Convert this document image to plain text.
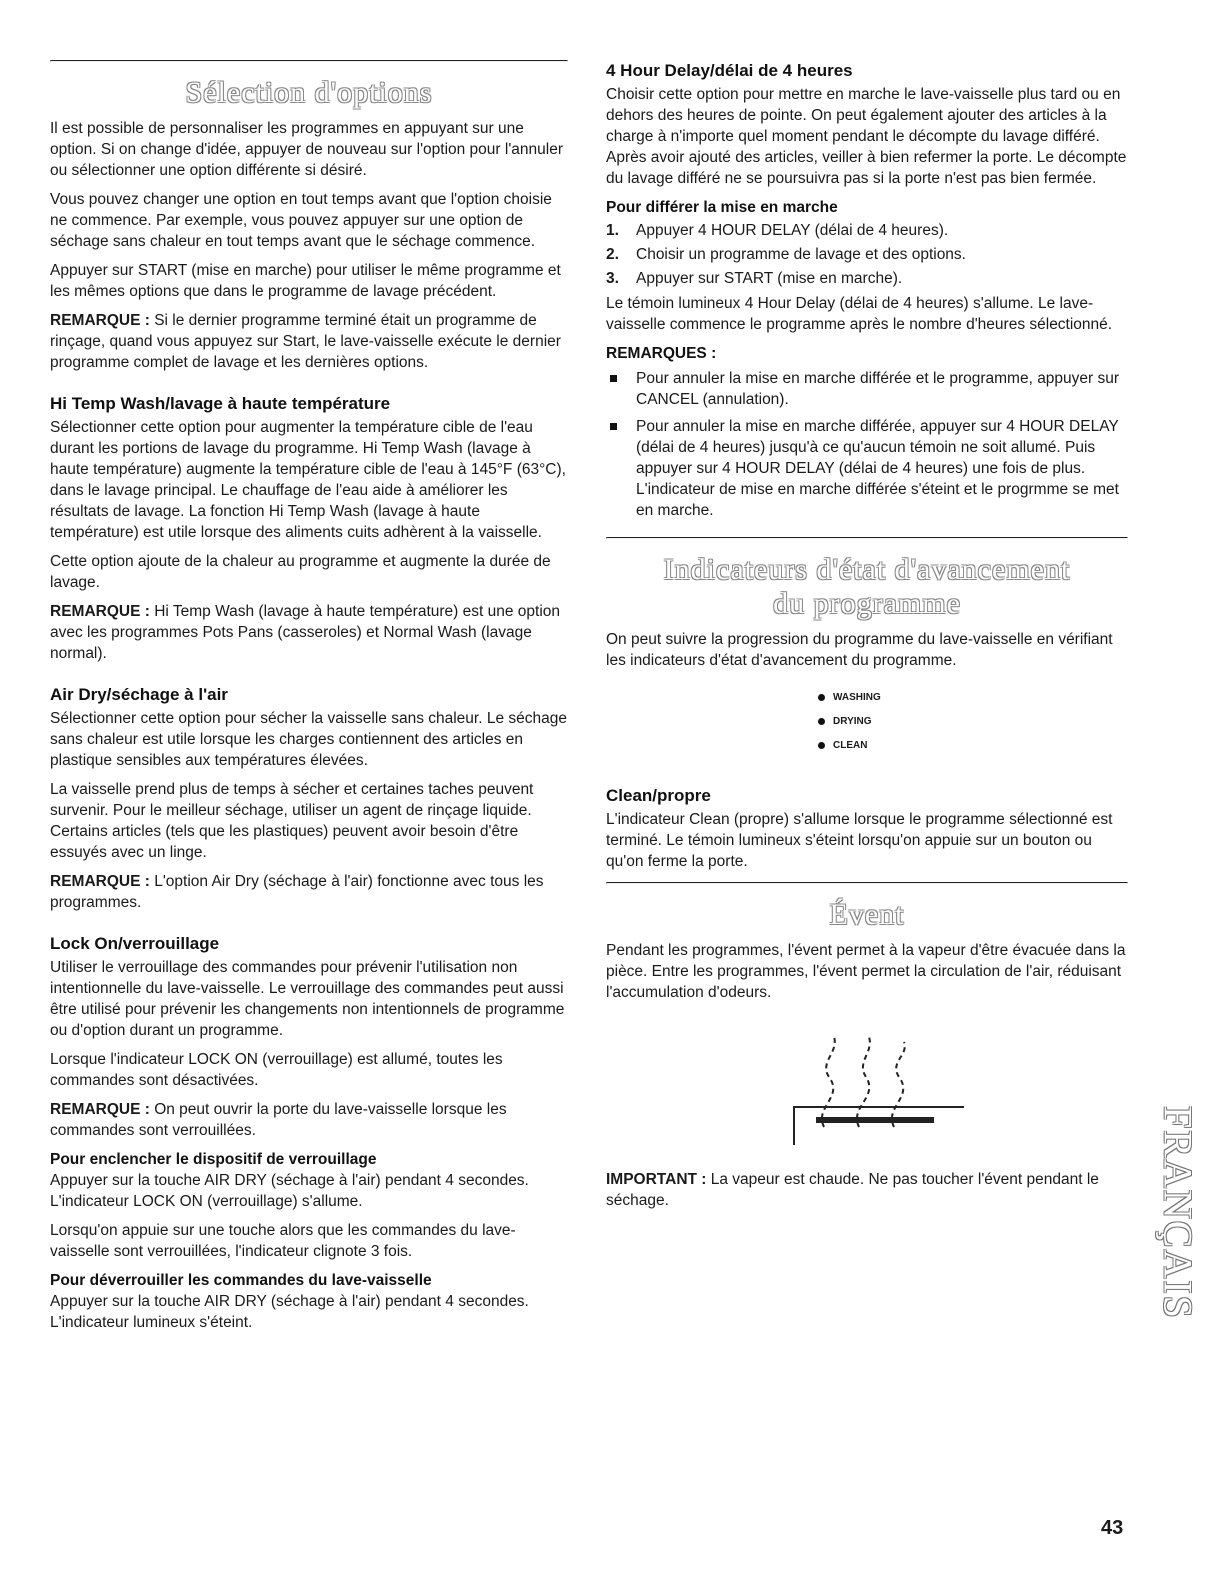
Sélection d'options

Il est possible de personnaliser les programmes en appuyant sur une option. Si on change d'idée, appuyer de nouveau sur l'option pour l'annuler ou sélectionner une option différente si désiré.

Vous pouvez changer une option en tout temps avant que l'option choisie ne commence. Par exemple, vous pouvez appuyer sur une option de séchage sans chaleur en tout temps avant que le séchage commence.

Appuyer sur START (mise en marche) pour utiliser le même programme et les mêmes options que dans le programme de lavage précédent.

REMARQUE : Si le dernier programme terminé était un programme de rinçage, quand vous appuyez sur Start, le lave-vaisselle exécute le dernier programme complet de lavage et les dernières options.

Hi Temp Wash/lavage à haute température

Sélectionner cette option pour augmenter la température cible de l'eau durant les portions de lavage du programme. Hi Temp Wash (lavage à haute température) augmente la température cible de l'eau à 145°F (63°C), dans le lavage principal. Le chauffage de l'eau aide à améliorer les résultats de lavage. La fonction Hi Temp Wash (lavage à haute température) est utile lorsque des aliments cuits adhèrent à la vaisselle.

Cette option ajoute de la chaleur au programme et augmente la durée de lavage.

REMARQUE : Hi Temp Wash (lavage à haute température) est une option avec les programmes Pots Pans (casseroles) et Normal Wash (lavage normal).

Air Dry/séchage à l'air

Sélectionner cette option pour sécher la vaisselle sans chaleur. Le séchage sans chaleur est utile lorsque les charges contiennent des articles en plastique sensibles aux températures élevées.

La vaisselle prend plus de temps à sécher et certaines taches peuvent survenir. Pour le meilleur séchage, utiliser un agent de rinçage liquide. Certains articles (tels que les plastiques) peuvent avoir besoin d'être essuyés avec un linge.

REMARQUE : L'option Air Dry (séchage à l'air) fonctionne avec tous les programmes.

Lock On/verrouillage

Utiliser le verrouillage des commandes pour prévenir l'utilisation non intentionnelle du lave-vaisselle. Le verrouillage des commandes peut aussi être utilisé pour prévenir les changements non intentionnels de programme ou d'option durant un programme.

Lorsque l'indicateur LOCK ON (verrouillage) est allumé, toutes les commandes sont désactivées.

REMARQUE : On peut ouvrir la porte du lave-vaisselle lorsque les commandes sont verrouillées.

Pour enclencher le dispositif de verrouillage

Appuyer sur la touche AIR DRY (séchage à l'air) pendant 4 secondes. L'indicateur LOCK ON (verrouillage) s'allume.

Lorsqu'on appuie sur une touche alors que les commandes du lave-vaisselle sont verrouillées, l'indicateur clignote 3 fois.

Pour déverrouiller les commandes du lave-vaisselle

Appuyer sur la touche AIR DRY (séchage à l'air) pendant 4 secondes. L'indicateur lumineux s'éteint.

4 Hour Delay/délai de 4 heures

Choisir cette option pour mettre en marche le lave-vaisselle plus tard ou en dehors des heures de pointe. On peut également ajouter des articles à la charge à n'importe quel moment pendant le décompte du lavage différé. Après avoir ajouté des articles, veiller à bien refermer la porte. Le décompte du lavage différé ne se poursuivra pas si la porte n'est pas bien fermée.

Pour différer la mise en marche
1. Appuyer 4 HOUR DELAY (délai de 4 heures).
2. Choisir un programme de lavage et des options.
3. Appuyer sur START (mise en marche).

Le témoin lumineux 4 Hour Delay (délai de 4 heures) s'allume. Le lave-vaisselle commence le programme après le nombre d'heures sélectionné.

REMARQUES :
Pour annuler la mise en marche différée et le programme, appuyer sur CANCEL (annulation).
Pour annuler la mise en marche différée, appuyer sur 4 HOUR DELAY (délai de 4 heures) jusqu'à ce qu'aucun témoin ne soit allumé. Puis appuyer sur 4 HOUR DELAY (délai de 4 heures) une fois de plus. L'indicateur de mise en marche différée s'éteint et le progrmme se met en marche.
Indicateurs d'état d'avancement
du programme

On peut suivre la progression du programme du lave-vaisselle en vérifiant les indicateurs d'état d'avancement du programme.

WASHING
DRYING
CLEAN
Clean/propre

L'indicateur Clean (propre) s'allume lorsque le programme sélectionné est terminé. Le témoin lumineux s'éteint lorsqu'on appuie sur un bouton ou qu'on ferme la porte.

Évent

Pendant les programmes, l'évent permet à la vapeur d'être évacuée dans la pièce. Entre les programmes, l'évent permet la circulation de l'air, réduisant l'accumulation d'odeurs.

IMPORTANT : La vapeur est chaude. Ne pas toucher l'évent pendant le séchage.	FRANÇAIS
43
